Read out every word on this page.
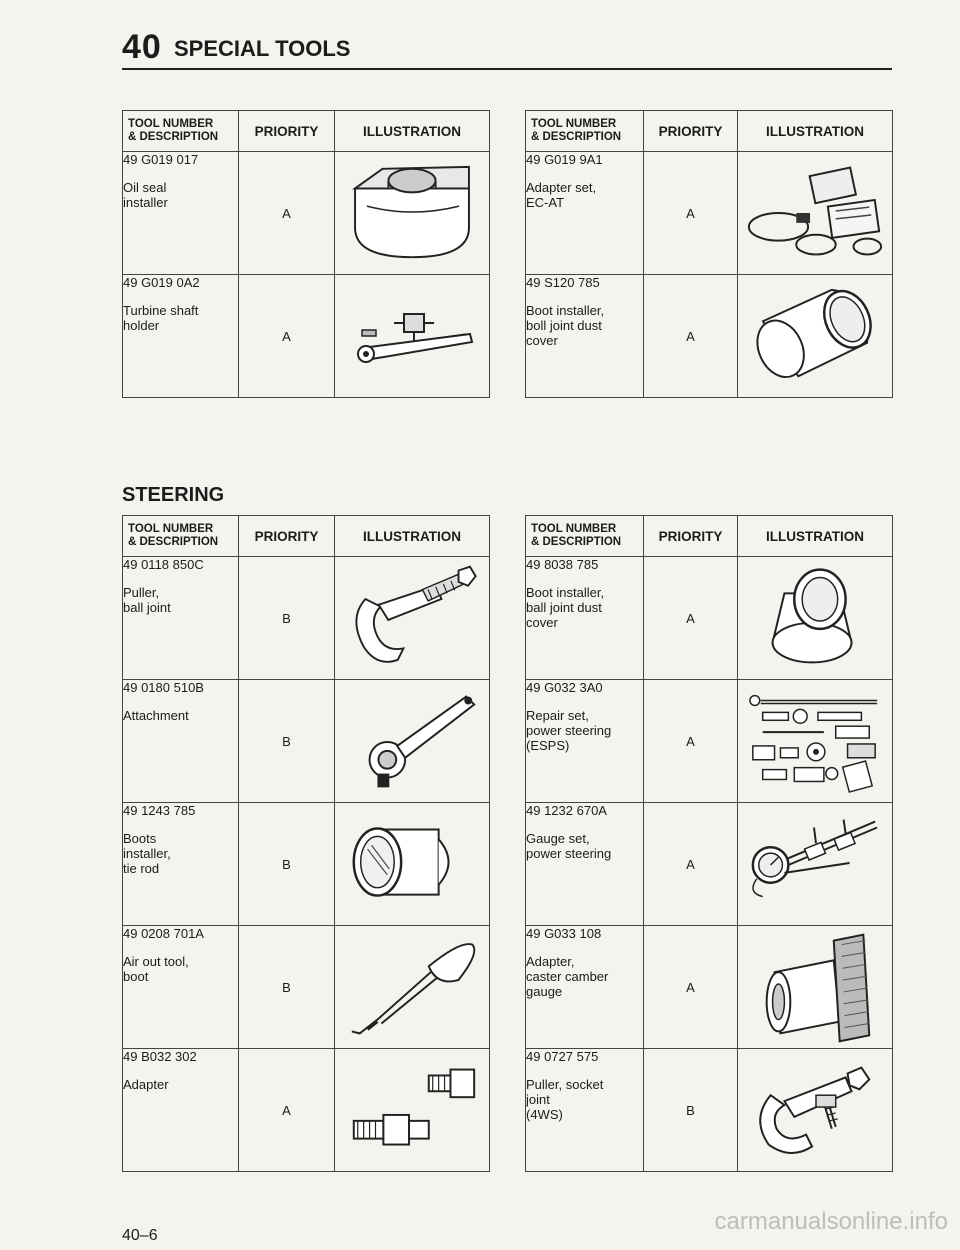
40 SPECIAL TOOLS
TOOL NUMBER
& DESCRIPTION	PRIORITY	ILLUSTRATION

49 G019 017
Oil seal
installer	A	

49 G019 0A2
Turbine shaft
holder	A	
TOOL NUMBER
& DESCRIPTION	PRIORITY	ILLUSTRATION

49 G019 9A1
Adapter set,
EC-AT	A	

49 S120 785
Boot installer,
boll joint dust
cover	A	
STEERING
TOOL NUMBER
& DESCRIPTION	PRIORITY	ILLUSTRATION

49 0118 850C
Puller,
ball joint	B	

49 0180 510B
Attachment	B	

49 1243 785
Boots
installer,
tie rod	B	

49 0208 701A
Air out tool,
boot	B	

49 B032 302
Adapter	A	
TOOL NUMBER
& DESCRIPTION	PRIORITY	ILLUSTRATION

49 8038 785
Boot installer,
ball joint dust
cover	A	

49 G032 3A0
Repair set,
power steering
(ESPS)	A	

49 1232 670A
Gauge set,
power steering	A	

49 G033 108
Adapter,
caster camber
gauge	A	

49 0727 575
Puller, socket
joint
(4WS)	B	
40–6
carmanualsonline.info
